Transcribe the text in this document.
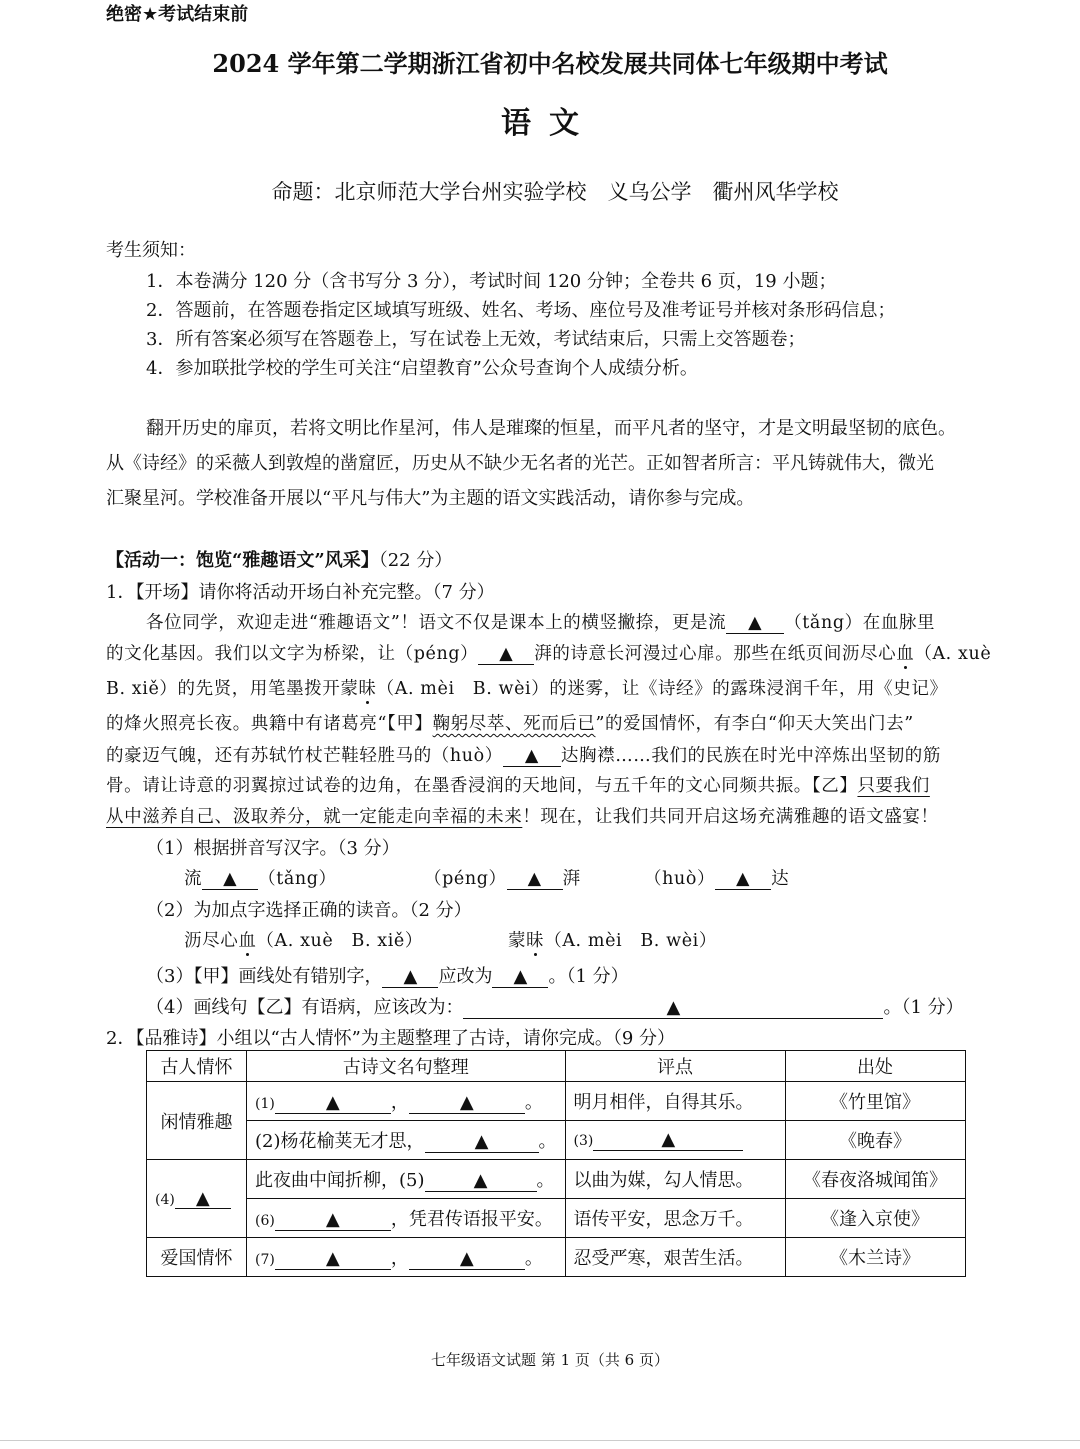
绝密★考试结束前
2024 学年第二学期浙江省初中名校发展共同体七年级期中考试
语文
命题：北京师范大学台州实验学校　义乌公学　衢州风华学校
考生须知：
1．本卷满分 120 分（含书写分 3 分），考试时间 120 分钟；全卷共 6 页，19 小题；
2．答题前，在答题卷指定区域填写班级、姓名、考场、座位号及准考证号并核对条形码信息；
3．所有答案必须写在答题卷上，写在试卷上无效，考试结束后，只需上交答题卷；
4．参加联批学校的学生可关注“启望教育”公众号查询个人成绩分析。
翻开历史的扉页，若将文明比作星河，伟人是璀璨的恒星，而平凡者的坚守，才是文明最坚韧的底色。
从《诗经》的采薇人到敦煌的凿窟匠，历史从不缺少无名者的光芒。正如智者所言：平凡铸就伟大，微光
汇聚星河。学校准备开展以“平凡与伟大”为主题的语文实践活动，请你参与完成。
【活动一：饱览“雅趣语文”风采】（22 分）
1．【开场】请你将活动开场白补充完整。（7 分）
各位同学，欢迎走进“雅趣语文”！语文不仅是课本上的横竖撇捺，更是流 ▲ （tǎng）在血脉里
的文化基因。我们以文字为桥梁，让（péng） ▲ 湃的诗意长河漫过心扉。那些在纸页间沥尽心血（A. xuè
B. xiě）的先贤，用笔墨拨开蒙昧（A. mèi　B. wèi）的迷雾，让《诗经》的露珠浸润千年，用《史记》
的烽火照亮长夜。典籍中有诸葛亮“【甲】鞠躬尽萃、死而后已”的爱国情怀，有李白“仰天大笑出门去”
的豪迈气魄，还有苏轼竹杖芒鞋轻胜马的（huò） ▲ 达胸襟……我们的民族在时光中淬炼出坚韧的筋
骨。请让诗意的羽翼掠过试卷的边角，在墨香浸润的天地间，与五千年的文心同频共振。【乙】只要我们
从中滋养自己、汲取养分，就一定能走向幸福的未来！现在，让我们共同开启这场充满雅趣的语文盛宴！
（1）根据拼音写汉字。（3 分）
流 ▲ （tǎng）	（péng） ▲ 湃	（huò） ▲ 达
（2）为加点字选择正确的读音。（2 分）
沥尽心血（A. xuè　B. xiě）	蒙昧（A. mèi　B. wèi）
（3）【甲】画线处有错别字， ▲ 应改为 ▲ 。（1 分）
（4）画线句【乙】有语病，应该改为：	▲	。（1 分）
2．【品雅诗】小组以“古人情怀”为主题整理了古诗，请你完成。（9 分）
古人情怀	古诗文名句整理	评点	出处
闲情雅趣	(1) ▲ ， ▲ 。	明月相伴，自得其乐。	《竹里馆》
	(2)杨花榆荚无才思， ▲ 。	(3) ▲	《晚春》
(4) ▲	此夜曲中闻折柳，(5) ▲ 。	以曲为媒，勾人情思。	《春夜洛城闻笛》
	(6) ▲ ，凭君传语报平安。	语传平安，思念万千。	《逢入京使》
爱国情怀	(7) ▲ ， ▲ 。	忍受严寒，艰苦生活。	《木兰诗》
七年级语文试题 第 1 页（共 6 页）
